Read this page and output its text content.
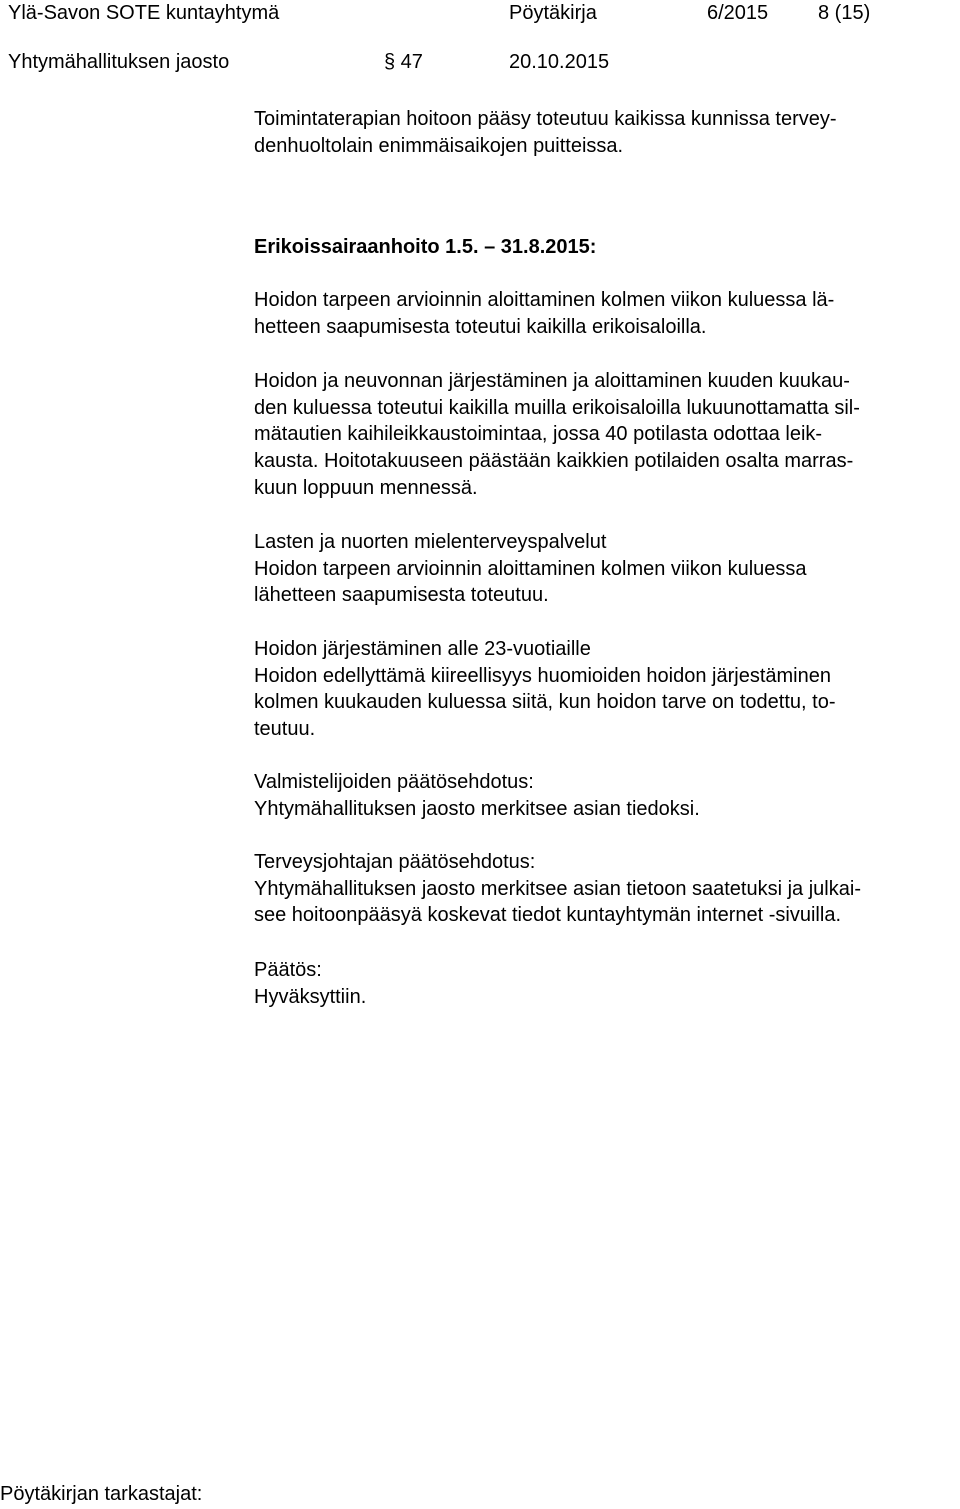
Ylä-Savon SOTE kuntayhtymä	Pöytäkirja	6/2015 8 (15)
Yhtymähallituksen jaosto	§ 47	20.10.2015
Toimintaterapian hoitoon pääsy toteutuu kaikissa kunnissa tervey-
denhuoltolain enimmäisaikojen puitteissa.
Erikoissairaanhoito 1.5. – 31.8.2015:
Hoidon tarpeen arvioinnin aloittaminen kolmen viikon kuluessa lä-
hetteen saapumisesta toteutui kaikilla erikoisaloilla.
Hoidon ja neuvonnan järjestäminen ja aloittaminen kuuden kuukau-
den kuluessa toteutui kaikilla muilla erikoisaloilla lukuunottamatta sil-
mätautien kaihileikkaustoimintaa, jossa 40 potilasta odottaa leik-
kausta. Hoitotakuuseen päästään kaikkien potilaiden osalta marras-
kuun loppuun mennessä.
Lasten ja nuorten mielenterveyspalvelut
Hoidon tarpeen arvioinnin aloittaminen kolmen viikon kuluessa
lähetteen saapumisesta toteutuu.
Hoidon järjestäminen alle 23-vuotiaille
Hoidon edellyttämä kiireellisyys huomioiden hoidon järjestäminen
kolmen kuukauden kuluessa siitä, kun hoidon tarve on todettu, to-
teutuu.
Valmistelijoiden päätösehdotus:
Yhtymähallituksen jaosto merkitsee asian tiedoksi.
Terveysjohtajan päätösehdotus:
Yhtymähallituksen jaosto merkitsee asian tietoon saatetuksi ja julkai-
see hoitoonpääsyä koskevat tiedot kuntayhtymän internet -sivuilla.
Päätös:
Hyväksyttiin.
Pöytäkirjan tarkastajat:
